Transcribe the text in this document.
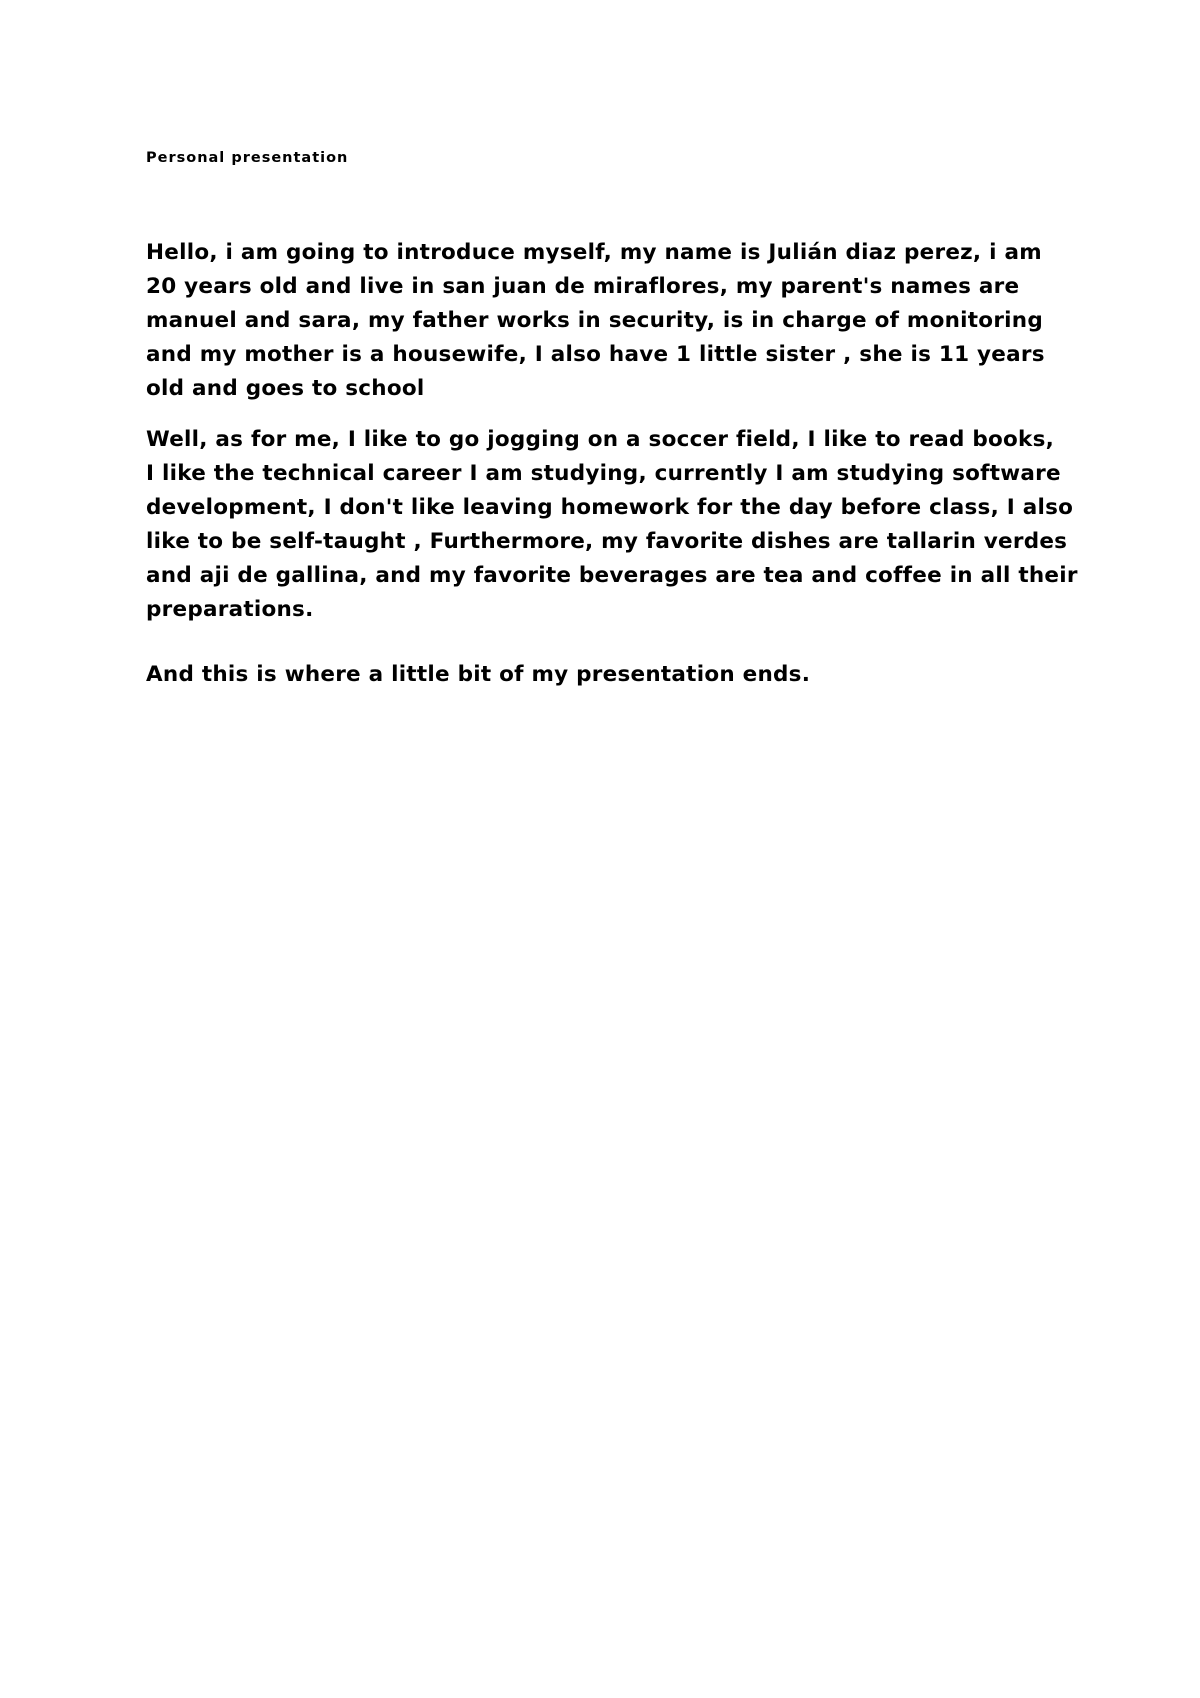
Personal presentation

Hello, i am going to introduce myself, my name is Julián diaz perez, i am
20 years old and live in san juan de miraflores, my parent's names are
manuel and sara, my father works in security, is in charge of monitoring
and my mother is a housewife, I also have 1 little sister , she is 11 years
old and goes to school

Well, as for me, I like to go jogging on a soccer field, I like to read books,
I like the technical career I am studying, currently I am studying software
development, I don't like leaving homework for the day before class, I also
like to be self-taught , Furthermore, my favorite dishes are tallarin verdes
and aji de gallina, and my favorite beverages are tea and coffee in all their
preparations.

And this is where a little bit of my presentation ends.
